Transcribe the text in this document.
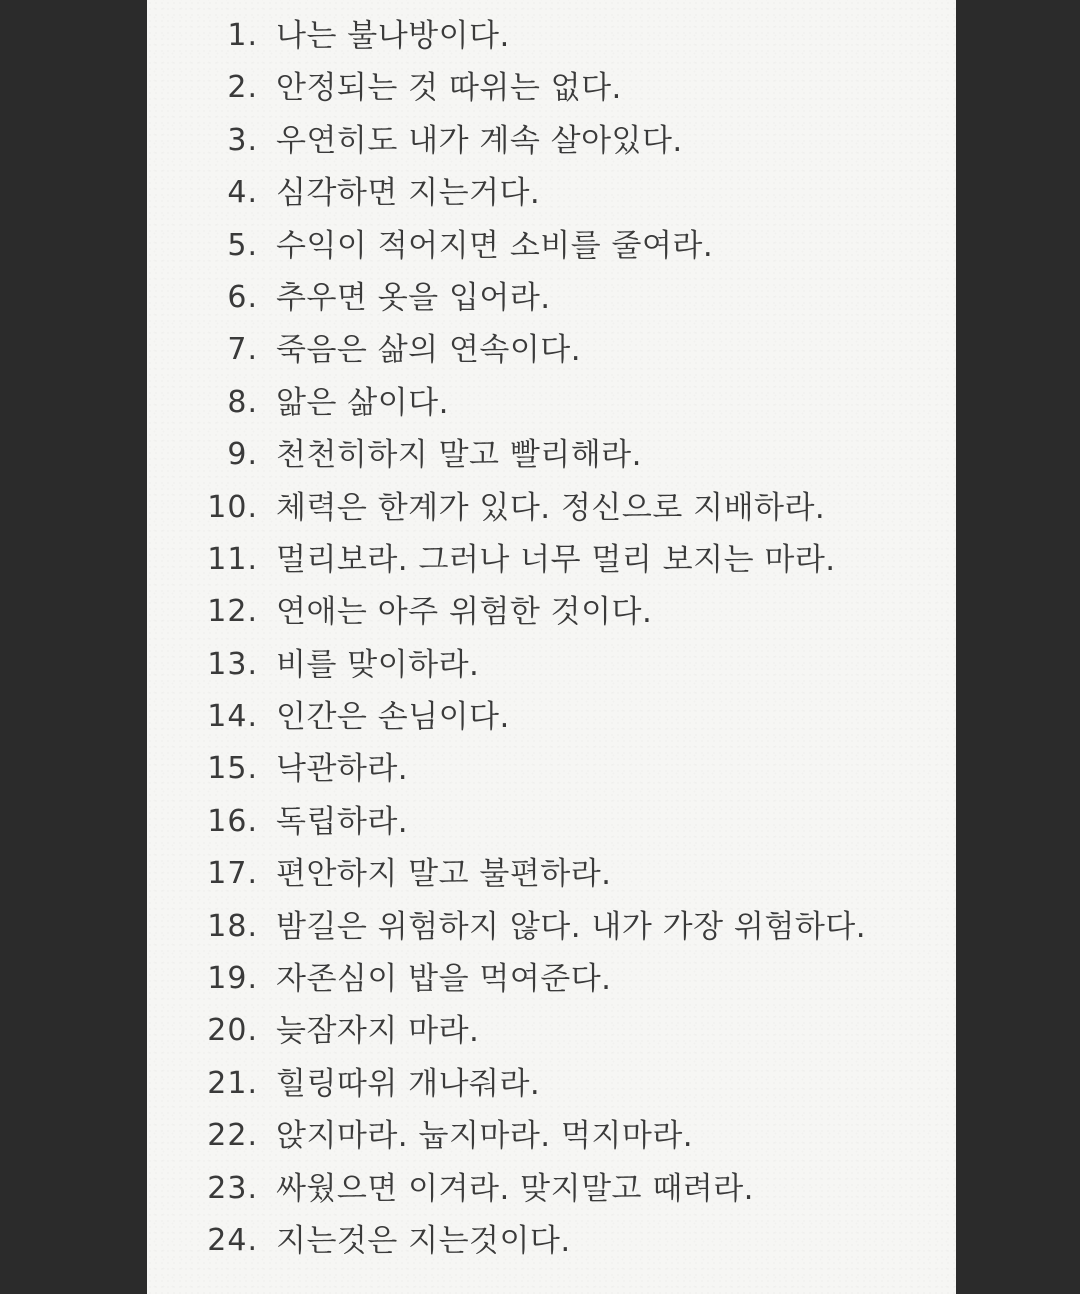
1. 나는 불나방이다.
2. 안정되는 것 따위는 없다.
3. 우연히도 내가 계속 살아있다.
4. 심각하면 지는거다.
5. 수익이 적어지면 소비를 줄여라.
6. 추우면 옷을 입어라.
7. 죽음은 삶의 연속이다.
8. 앎은 삶이다.
9. 천천히하지 말고 빨리해라.
10. 체력은 한계가 있다. 정신으로 지배하라.
11. 멀리보라. 그러나 너무 멀리 보지는 마라.
12. 연애는 아주 위험한 것이다.
13. 비를 맞이하라.
14. 인간은 손님이다.
15. 낙관하라.
16. 독립하라.
17. 편안하지 말고 불편하라.
18. 밤길은 위험하지 않다. 내가 가장 위험하다.
19. 자존심이 밥을 먹여준다.
20. 늦잠자지 마라.
21. 힐링따위 개나줘라.
22. 앉지마라. 눕지마라. 먹지마라.
23. 싸웠으면 이겨라. 맞지말고 때려라.
24. 지는것은 지는것이다.
